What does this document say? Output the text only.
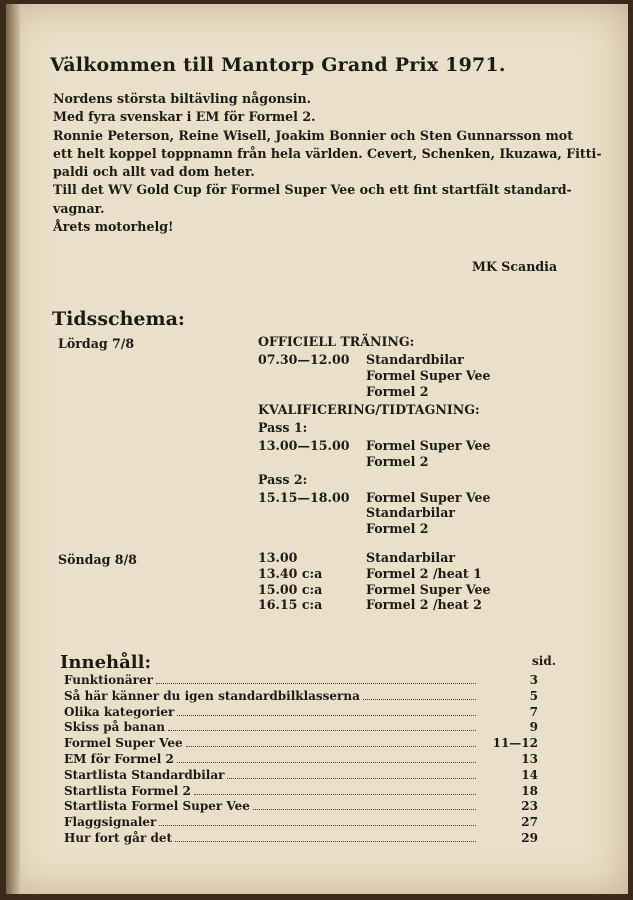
Välkommen till Mantorp Grand Prix 1971.
Nordens största biltävling någonsin.
Med fyra svenskar i EM för Formel 2.
Ronnie Peterson, Reine Wisell, Joakim Bonnier och Sten Gunnarsson mot
ett helt koppel toppnamn från hela världen. Cevert, Schenken, Ikuzawa, Fitti-
paldi och allt vad dom heter.
Till det WV Gold Cup för Formel Super Vee och ett fint startfält standard-
vagnar.
Årets motorhelg!
MK Scandia
Tidsschema:
Lördag 7/8	OFFICIELL TRÄNING:
07.30—12.00 Standardbilar
Formel Super Vee
Formel 2
KVALIFICERING/TIDTAGNING:
Pass 1:
13.00—15.00 Formel Super Vee
Formel 2
Pass 2:
15.15—18.00 Formel Super Vee
Standarbilar
Formel 2
Söndag 8/8	13.00	Standarbilar
13.40 c:a	Formel 2 /heat 1
15.00 c:a	Formel Super Vee
16.15 c:a	Formel 2 /heat 2
Innehåll:	sid.
Funktionärer	3
Så här känner du igen standardbilklasserna	5
Olika kategorier	7
Skiss på banan	9
Formel Super Vee	11—12
EM för Formel 2	13
Startlista Standardbilar	14
Startlista Formel 2	18
Startlista Formel Super Vee	23
Flaggsignaler	27
Hur fort går det	29
